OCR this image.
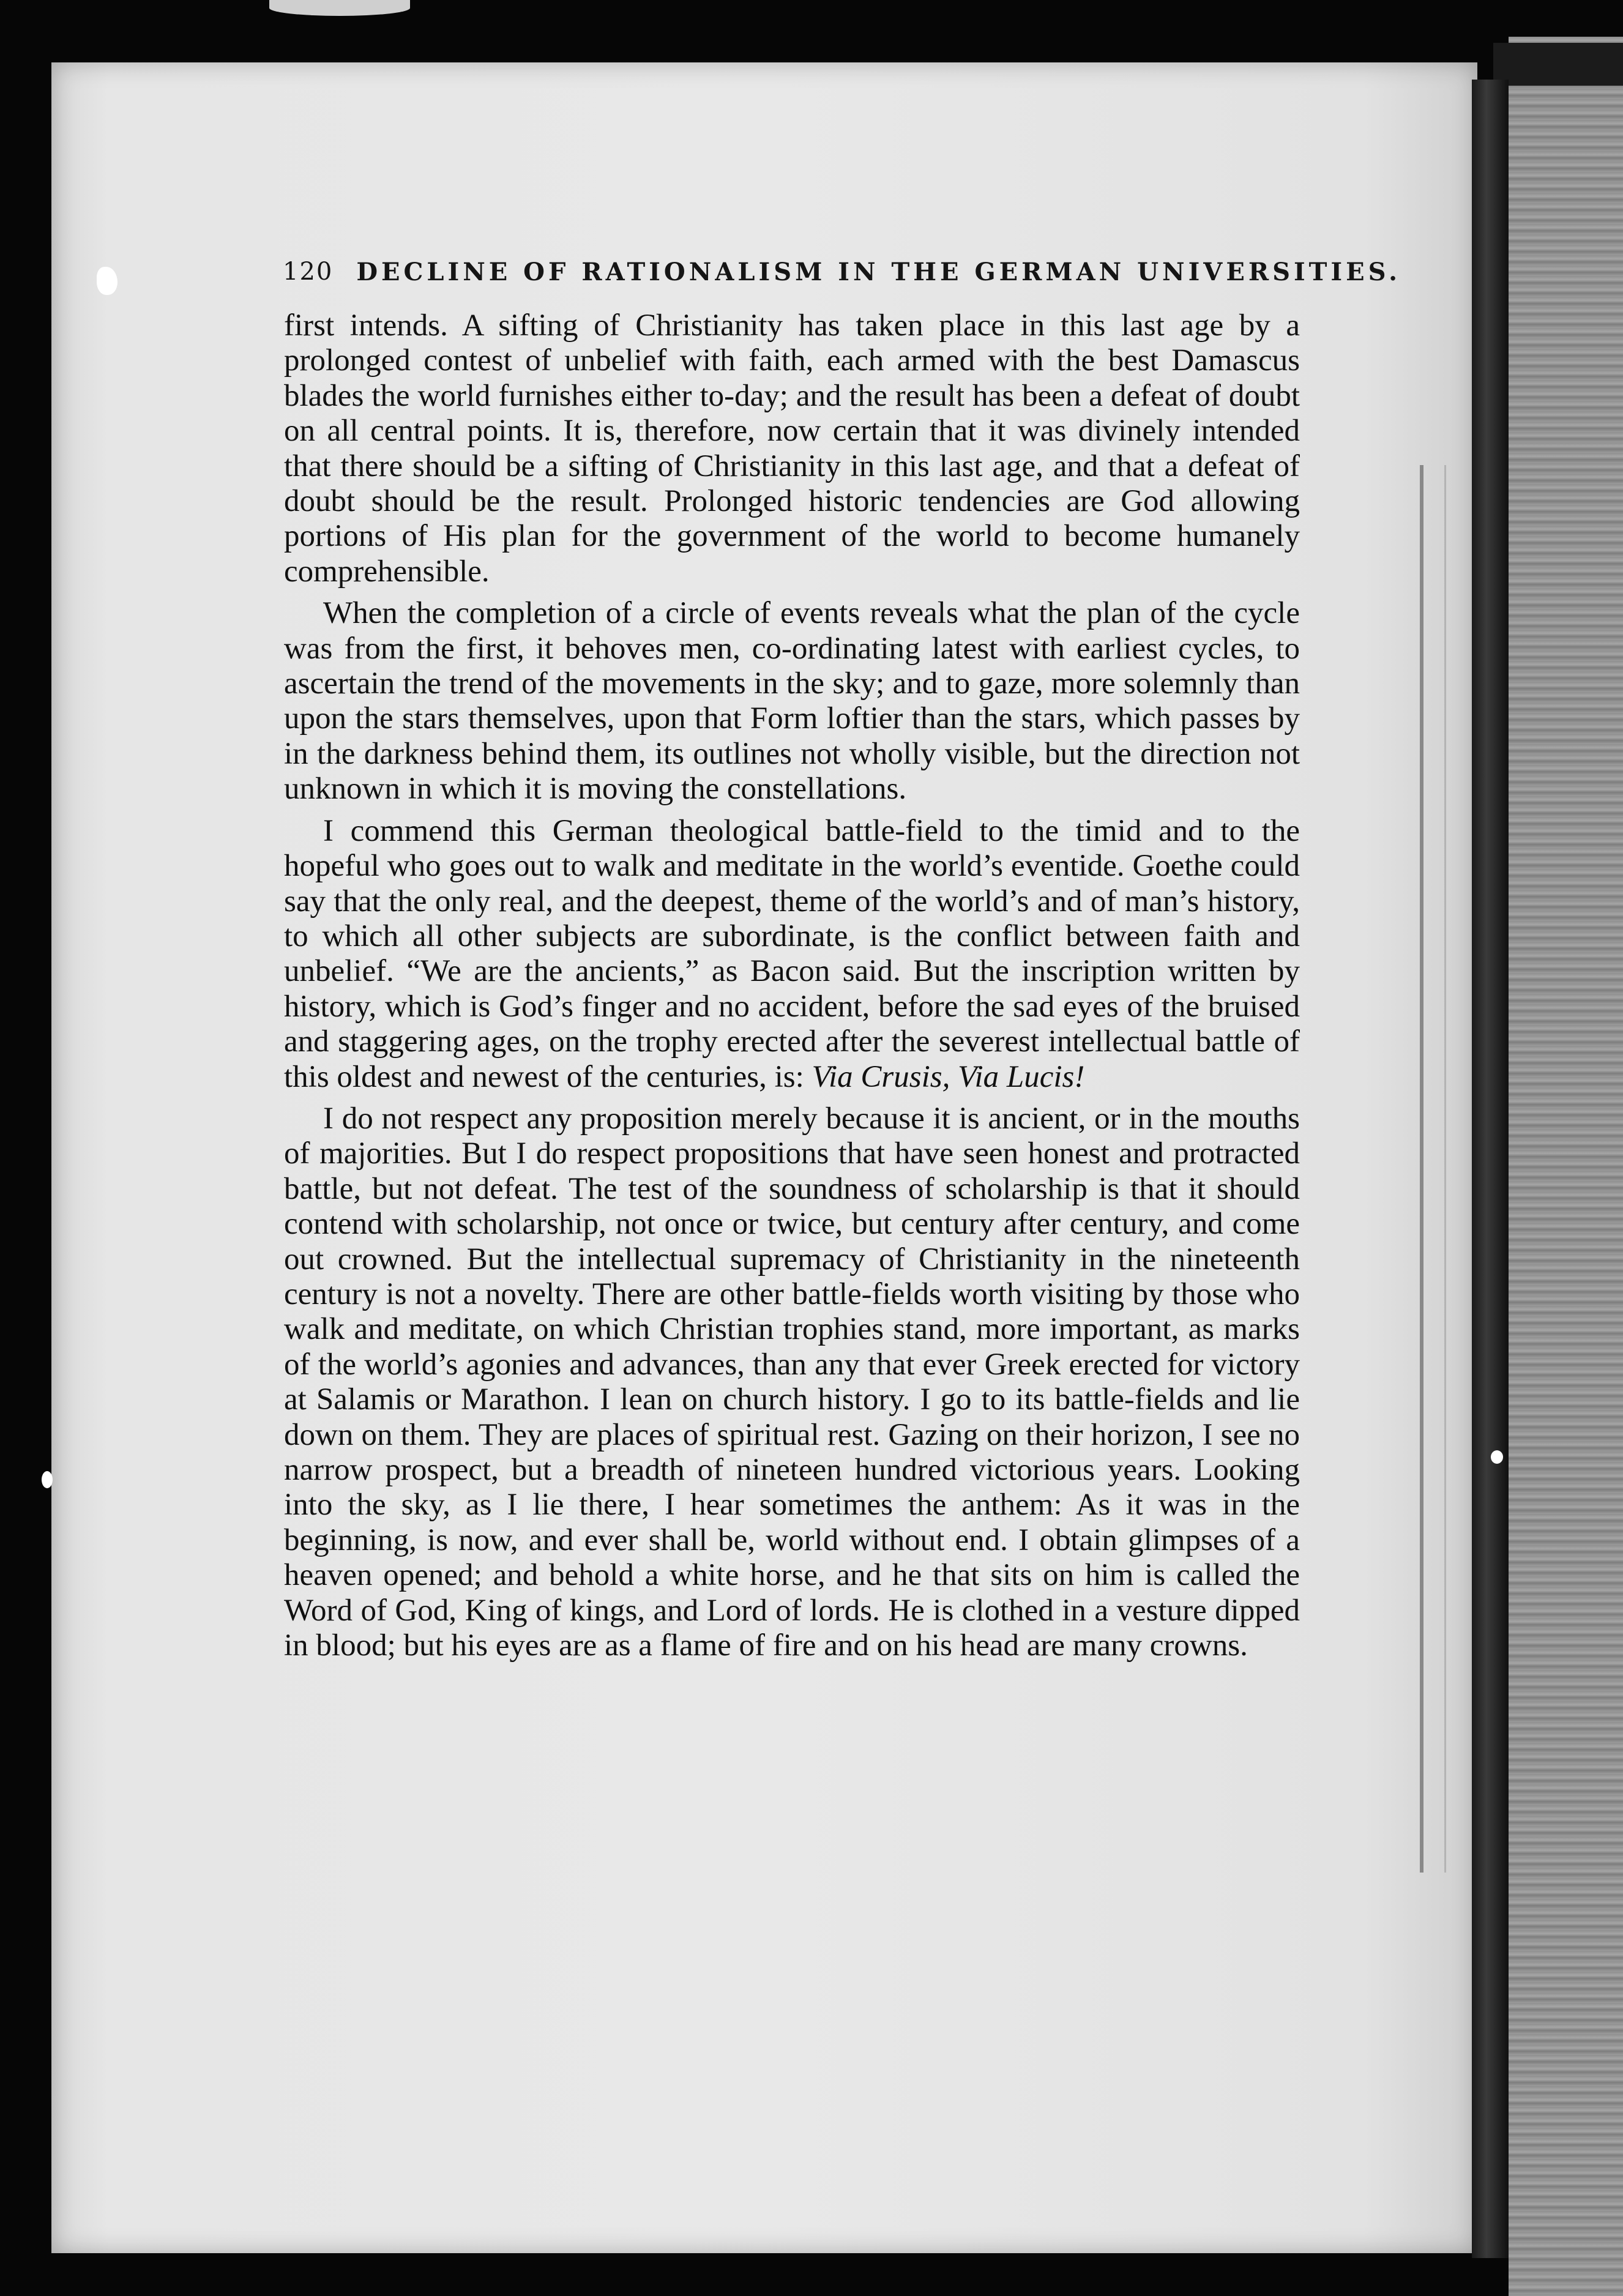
120 DECLINE OF RATIONALISM IN THE GERMAN UNIVERSITIES.

first intends. A sifting of Christianity has taken place in this last age by a prolonged contest of unbelief with faith, each armed with the best Damascus blades the world furnishes either to-day; and the result has been a defeat of doubt on all central points. It is, therefore, now certain that it was divinely intended that there should be a sifting of Christianity in this last age, and that a defeat of doubt should be the result. Prolonged historic tendencies are God allowing portions of His plan for the government of the world to become humanely comprehensible.

When the completion of a circle of events reveals what the plan of the cycle was from the first, it behoves men, co-ordinating latest with earliest cycles, to ascertain the trend of the movements in the sky; and to gaze, more solemnly than upon the stars themselves, upon that Form loftier than the stars, which passes by in the darkness behind them, its outlines not wholly visible, but the direction not unknown in which it is moving the constellations.

I commend this German theological battle-field to the timid and to the hopeful who goes out to walk and meditate in the world’s eventide. Goethe could say that the only real, and the deepest, theme of the world’s and of man’s history, to which all other subjects are subordinate, is the conflict between faith and unbelief. “We are the ancients,” as Bacon said. But the inscription written by history, which is God’s finger and no accident, before the sad eyes of the bruised and staggering ages, on the trophy erected after the severest intellectual battle of this oldest and newest of the centuries, is: Via Crusis, Via Lucis!

I do not respect any proposition merely because it is ancient, or in the mouths of majorities. But I do respect propositions that have seen honest and protracted battle, but not defeat. The test of the soundness of scholarship is that it should contend with scholarship, not once or twice, but century after century, and come out crowned. But the intellectual supremacy of Christianity in the nineteenth century is not a novelty. There are other battle-fields worth visiting by those who walk and meditate, on which Christian trophies stand, more important, as marks of the world’s agonies and advances, than any that ever Greek erected for victory at Salamis or Marathon. I lean on church history. I go to its battle-fields and lie down on them. They are places of spiritual rest. Gazing on their horizon, I see no narrow prospect, but a breadth of nineteen hundred victorious years. Looking into the sky, as I lie there, I hear sometimes the anthem: As it was in the beginning, is now, and ever shall be, world without end. I obtain glimpses of a heaven opened; and behold a white horse, and he that sits on him is called the Word of God, King of kings, and Lord of lords. He is clothed in a vesture dipped in blood; but his eyes are as a flame of fire and on his head are many crowns.
